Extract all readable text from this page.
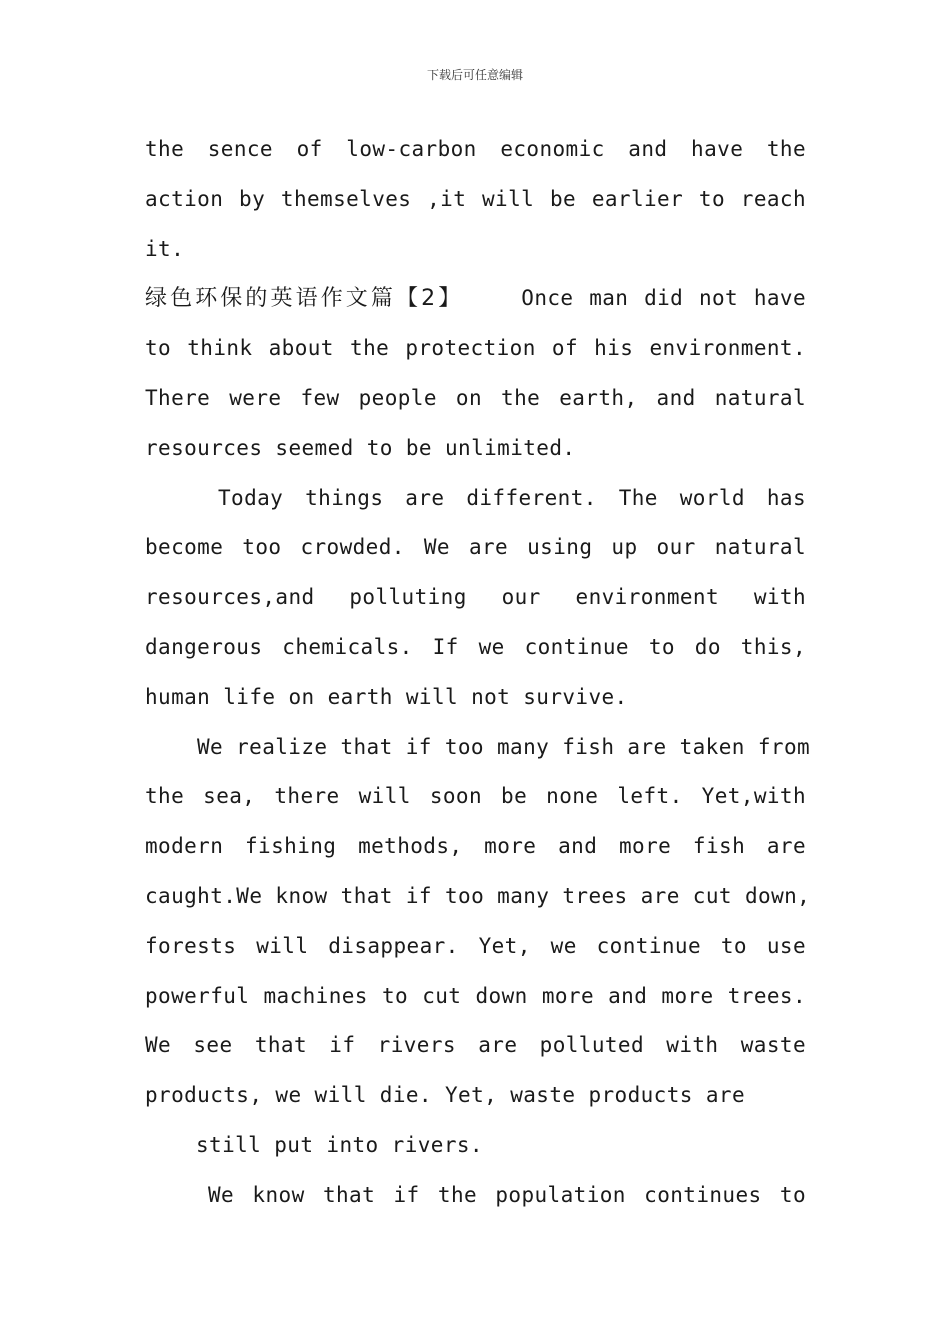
下载后可任意编辑
the sence of low-carbon economic and have the
action by themselves ,it will be earlier to reach
it.
绿色环保的英语作文篇【2】	Once man did not have
to think about the protection of his environment.
There were few people on the earth, and natural
resources seemed to be unlimited.
Today things are different. The world has
become too crowded. We are using up our natural
resources,and polluting our environment with
dangerous chemicals. If we continue to do this,
human life on earth will not survive.
We realize that if too many fish are taken from
the sea, there will soon be none left. Yet,with
modern fishing methods, more and more fish are
caught.We know that if too many trees are cut down,
forests will disappear. Yet, we continue to use
powerful machines to cut down more and more trees.
We see that if rivers are polluted with waste
products, we will die. Yet, waste products are
still put into rivers.
We know that if the population continues to
